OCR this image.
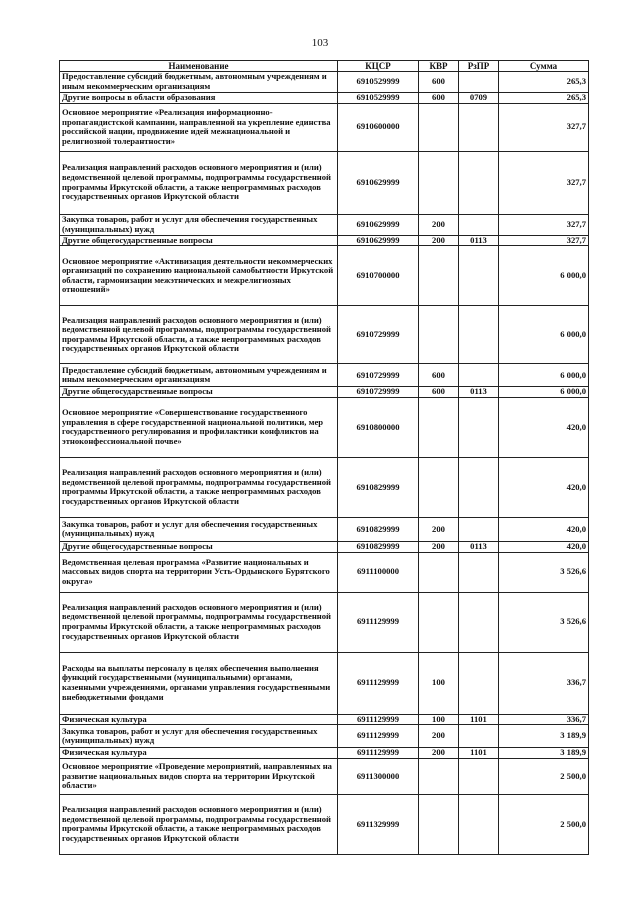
103
Наименование	КЦСР	КВР	РзПР	Сумма
Предоставление субсидий бюджетным, автономным учреждениям и иным некоммерческим организациям	6910529999	600		265,3
Другие вопросы в области образования	6910529999	600	0709	265,3
Основное мероприятие «Реализация информационно-пропагандистской кампании, направленной на укрепление единства российской нации, продвижение идей межнациональной и религиозной толерантности»	6910600000			327,7
Реализация направлений расходов основного мероприятия и (или) ведомственной целевой программы, подпрограммы государственной программы Иркутской области, а также непрограммных расходов государственных органов Иркутской области	6910629999			327,7
Закупка товаров, работ и услуг для обеспечения государственных (муниципальных) нужд	6910629999	200		327,7
Другие общегосударственные вопросы	6910629999	200	0113	327,7
Основное мероприятие «Активизация деятельности некоммерческих организаций по сохранению национальной самобытности Иркутской области, гармонизации межэтнических и межрелигиозных отношений»	6910700000			6 000,0
Реализация направлений расходов основного мероприятия и (или) ведомственной целевой программы, подпрограммы государственной программы Иркутской области, а также непрограммных расходов государственных органов Иркутской области	6910729999			6 000,0
Предоставление субсидий бюджетным, автономным учреждениям и иным некоммерческим организациям	6910729999	600		6 000,0
Другие общегосударственные вопросы	6910729999	600	0113	6 000,0
Основное мероприятие «Совершенствование государственного управления в сфере государственной национальной политики, мер государственного регулирования и профилактики конфликтов на этноконфессиональной почве»	6910800000			420,0
Реализация направлений расходов основного мероприятия и (или) ведомственной целевой программы, подпрограммы государственной программы Иркутской области, а также непрограммных расходов государственных органов Иркутской области	6910829999			420,0
Закупка товаров, работ и услуг для обеспечения государственных (муниципальных) нужд	6910829999	200		420,0
Другие общегосударственные вопросы	6910829999	200	0113	420,0
Ведомственная целевая программа «Развитие национальных и массовых видов спорта на территории Усть-Ордынского Бурятского округа»	6911100000			3 526,6
Реализация направлений расходов основного мероприятия и (или) ведомственной целевой программы, подпрограммы государственной программы Иркутской области, а также непрограммных расходов государственных органов Иркутской области	6911129999			3 526,6
Расходы на выплаты персоналу в целях обеспечения выполнения функций государственными (муниципальными) органами, казенными учреждениями, органами управления государственными внебюджетными фондами	6911129999	100		336,7
Физическая культура	6911129999	100	1101	336,7
Закупка товаров, работ и услуг для обеспечения государственных (муниципальных) нужд	6911129999	200		3 189,9
Физическая культура	6911129999	200	1101	3 189,9
Основное мероприятие «Проведение мероприятий, направленных на развитие национальных видов спорта на территории Иркутской области»	6911300000			2 500,0
Реализация направлений расходов основного мероприятия и (или) ведомственной целевой программы, подпрограммы государственной программы Иркутской области, а также непрограммных расходов государственных органов Иркутской области	6911329999			2 500,0
